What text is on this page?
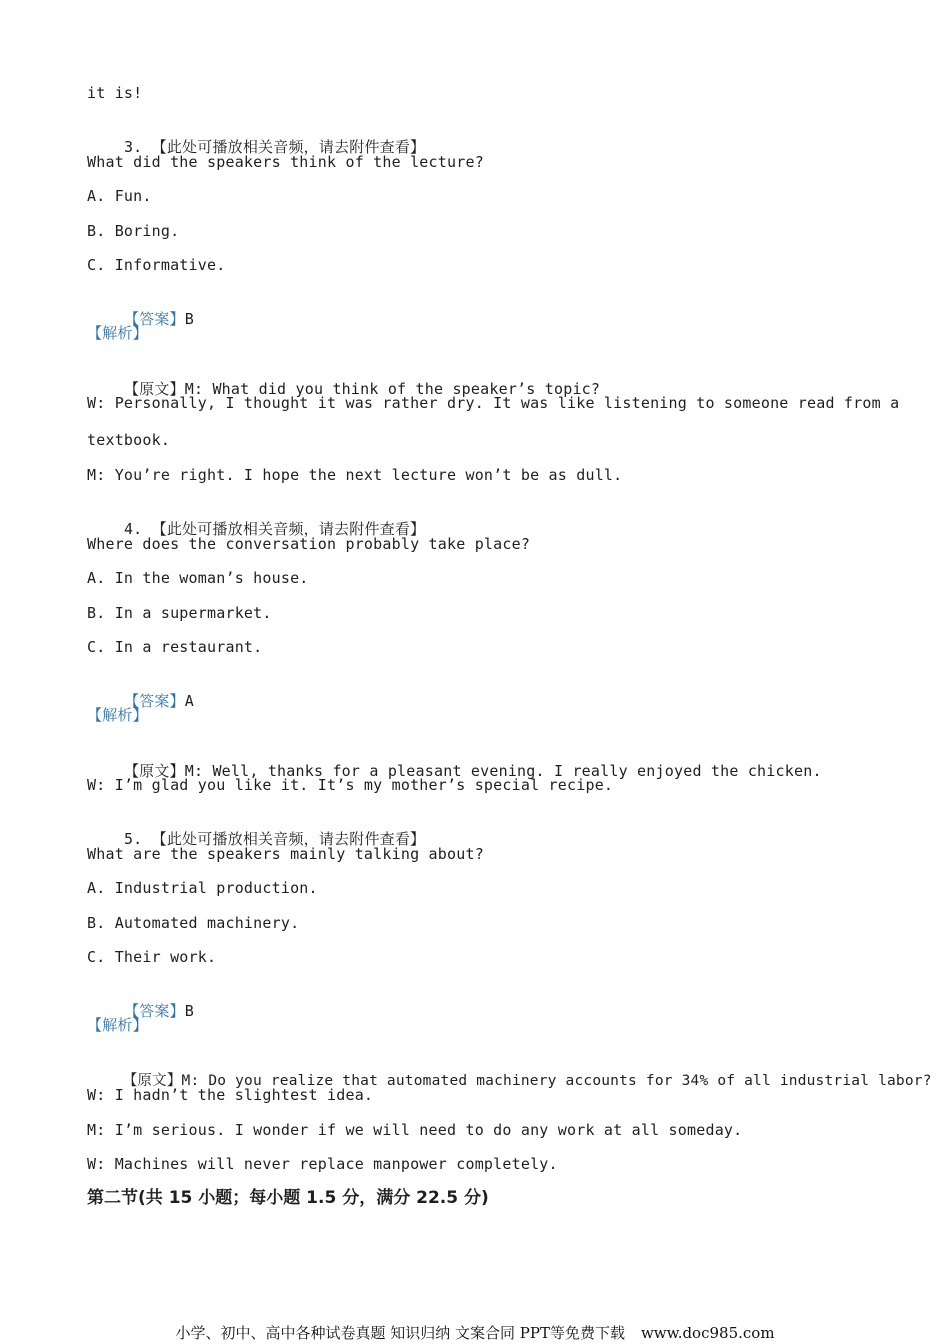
it is!

3. 【此处可播放相关音频，请去附件查看】

What did the speakers think of the lecture?
A. Fun.
B. Boring.
C. Informative.

【答案】B

【解析】

【原文】M: What did you think of the speaker’s topic?

W: Personally, I thought it was rather dry. It was like listening to someone read from a
textbook.
M: You’re right. I hope the next lecture won’t be as dull.

4. 【此处可播放相关音频，请去附件查看】

Where does the conversation probably take place?
A. In the woman’s house.
B. In a supermarket.
C. In a restaurant.

【答案】A

【解析】

【原文】M: Well, thanks for a pleasant evening. I really enjoyed the chicken.

W: I’m glad you like it. It’s my mother’s special recipe.

5. 【此处可播放相关音频，请去附件查看】

What are the speakers mainly talking about?
A. Industrial production.
B. Automated machinery.
C. Their work.

【答案】B

【解析】

【原文】M: Do you realize that automated machinery accounts for 34% of all industrial labor?

W: I hadn’t the slightest idea.
M: I’m serious. I wonder if we will need to do any work at all someday.
W: Machines will never replace manpower completely.
第二节(共 15 小题；每小题 1.5 分，满分 22.5 分)
小学、初中、高中各种试卷真题 知识归纳 文案合同 PPT等免费下载 www.doc985.com
